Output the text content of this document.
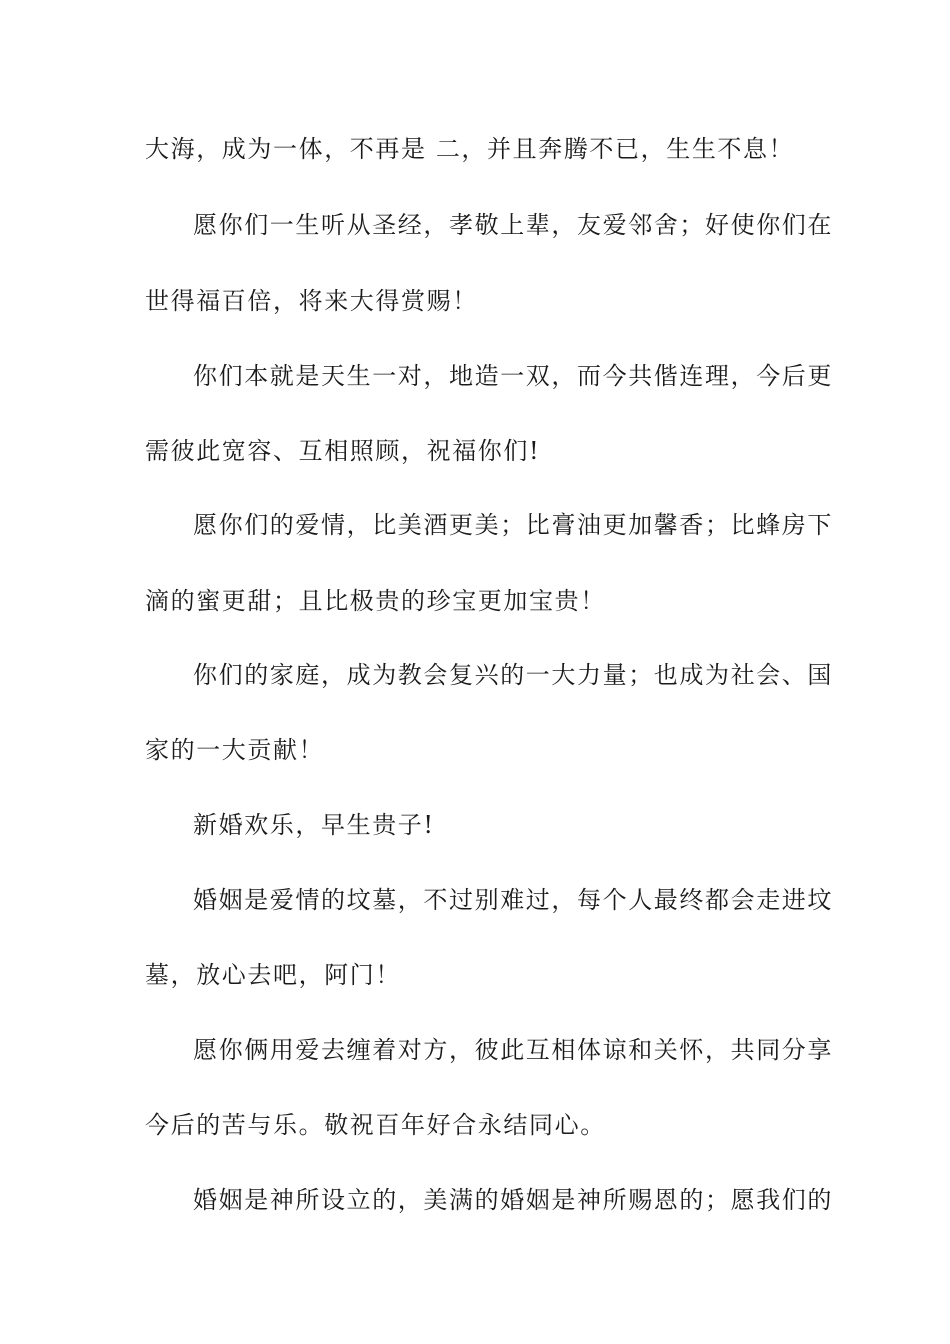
大海，成为一体，不再是 二，并且奔腾不已，生生不息！

愿你们一生听从圣经，孝敬上辈，友爱邻舍；好使你们在

世得福百倍，将来大得赏赐！

你们本就是天生一对，地造一双，而今共偕连理，今后更

需彼此宽容、互相照顾，祝福你们!

愿你们的爱情，比美酒更美；比膏油更加馨香；比蜂房下

滴的蜜更甜；且比极贵的珍宝更加宝贵！

你们的家庭，成为教会复兴的一大力量；也成为社会、国

家的一大贡献！

新婚欢乐，早生贵子!

婚姻是爱情的坟墓，不过别难过，每个人最终都会走进坟

墓，放心去吧，阿门！

愿你俩用爱去缠着对方，彼此互相体谅和关怀，共同分享

今后的苦与乐。敬祝百年好合永结同心。

婚姻是神所设立的，美满的婚姻是神所赐恩的；愿我们的
